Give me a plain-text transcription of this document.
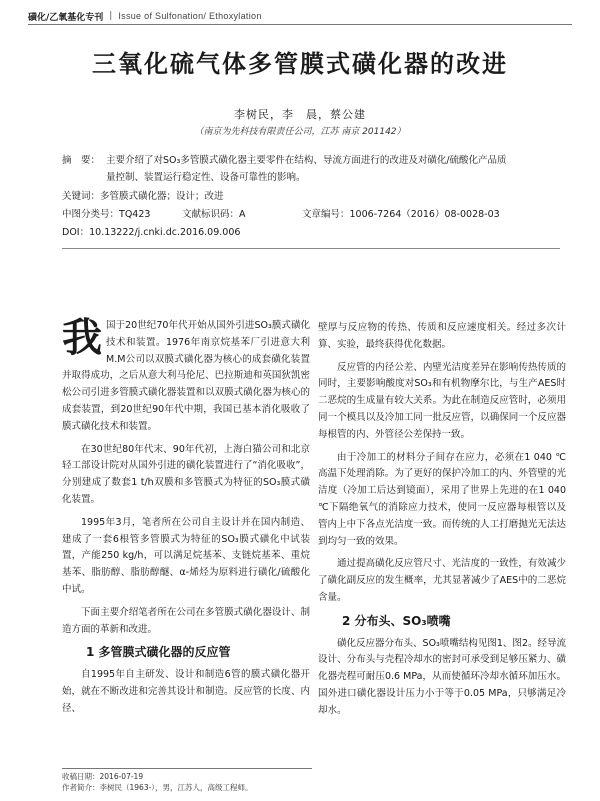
磺化/乙氧基化专刊 | Issue of Sulfonation/ Ethoxylation
三氧化硫气体多管膜式磺化器的改进
李树民，李　晨，蔡公建
（南京为先科技有限责任公司，江苏 南京 201142）
摘　要： 主要介绍了对SO₃多管膜式磺化器主要零件在结构、导流方面进行的改进及对磺化/硫酸化产品质
量控制、装置运行稳定性、设备可靠性的影响。
关键词：多管膜式磺化器；设计；改进
中图分类号：TQ423	文献标识码：A	文章编号：1006-7264（2016）08-0028-03
DOI：10.13222/j.cnki.dc.2016.09.006

我国于20世纪70年代开始从国外引进SO₃膜式磺化技术和装置。1976年南京烷基苯厂引进意大利M.M公司以双膜式磺化器为核心的成套磺化装置并取得成功，之后从意大利马伦尼、巴拉斯迪和英国狄凯密松公司引进多管膜式磺化器装置和以双膜式磺化器为核心的成套装置，到20世纪90年代中期，我国已基本消化吸收了膜式磺化技术和装置。

在30世纪80年代末、90年代初，上海白猫公司和北京轻工部设计院对从国外引进的磺化装置进行了“消化吸收”，分别建成了数套1 t/h双膜和多管膜式为特征的SO₃膜式磺化装置。

1995年3月，笔者所在公司自主设计并在国内制造、建成了一套6根管多管膜式为特征的SO₃膜式磺化中试装置，产能250 kg/h，可以满足烷基苯、支链烷基苯、重烷基苯、脂肪醇、脂肪醇醚、α-烯烃为原料进行磺化/硫酸化中试。

下面主要介绍笔者所在公司在多管膜式磺化器设计、制造方面的革新和改进。

1 多管膜式磺化器的反应管

自1995年自主研发、设计和制造6管的膜式磺化器开始，就在不断改进和完善其设计和制造。反应管的长度、内径、

壁厚与反应物的传热、传质和反应速度相关。经过多次计算、实验，最终获得优化数据。

反应管的内径公差、内壁光洁度差异在影响传热传质的同时，主要影响酸度对SO₃和有机物摩尔比，与生产AES时二恶烷的生成量有较大关系。为此在制造反应管时，必须用同一个模具以及冷加工同一批反应管，以确保同一个反应器每根管的内、外管径公差保持一致。

由于冷加工的材料分子间存在应力，必须在1 040 ℃高温下处理消除。为了更好的保护冷加工的内、外管壁的光洁度（冷加工后达到镜面），采用了世界上先进的在1 040 ℃下隔绝氧气的消除应力技术，使同一反应器每根管以及管内上中下各点光洁度一致。而传统的人工打磨抛光无法达到均匀一致的效果。

通过提高磺化反应管尺寸、光洁度的一致性，有效减少了磺化副反应的发生概率，尤其显著减少了AES中的二恶烷含量。

2 分布头、SO₃喷嘴

磺化反应器分布头、SO₃喷嘴结构见图1、图2。经导流设计、分布头与壳程冷却水的密封可承受到足够压紧力、磺化器壳程可耐压0.6 MPa，从而使循环冷却水循环加压水。国外进口磺化器设计压力小于等于0.05 MPa，只够满足冷却水。

收稿日期：2016-07-19
作者简介：李树民（1963-），男，江苏人，高级工程师。
